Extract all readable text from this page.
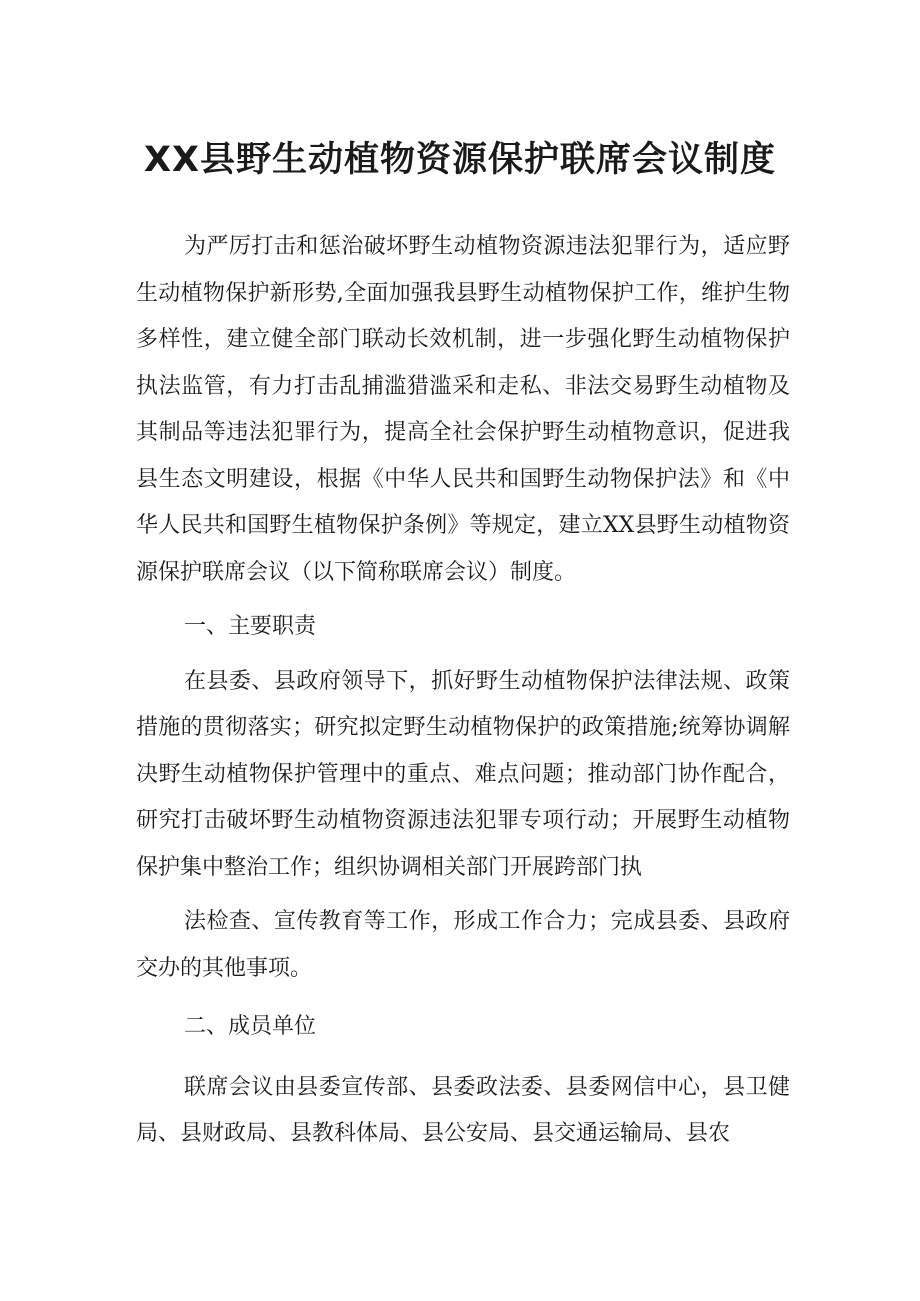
XX县野生动植物资源保护联席会议制度

为严厉打击和惩治破坏野生动植物资源违法犯罪行为，适应野生动植物保护新形势,全面加强我县野生动植物保护工作，维护生物多样性，建立健全部门联动长效机制，进一步强化野生动植物保护执法监管，有力打击乱捕滥猎滥采和走私、非法交易野生动植物及其制品等违法犯罪行为，提高全社会保护野生动植物意识，促进我县生态文明建设，根据《中华人民共和国野生动物保护法》和《中华人民共和国野生植物保护条例》等规定，建立XX县野生动植物资源保护联席会议（以下简称联席会议）制度。

一、主要职责

在县委、县政府领导下，抓好野生动植物保护法律法规、政策措施的贯彻落实；研究拟定野生动植物保护的政策措施;统筹协调解决野生动植物保护管理中的重点、难点问题；推动部门协作配合，研究打击破坏野生动植物资源违法犯罪专项行动；开展野生动植物保护集中整治工作；组织协调相关部门开展跨部门执

法检查、宣传教育等工作，形成工作合力；完成县委、县政府交办的其他事项。

二、成员单位

联席会议由县委宣传部、县委政法委、县委网信中心，县卫健局、县财政局、县教科体局、县公安局、县交通运输局、县农
